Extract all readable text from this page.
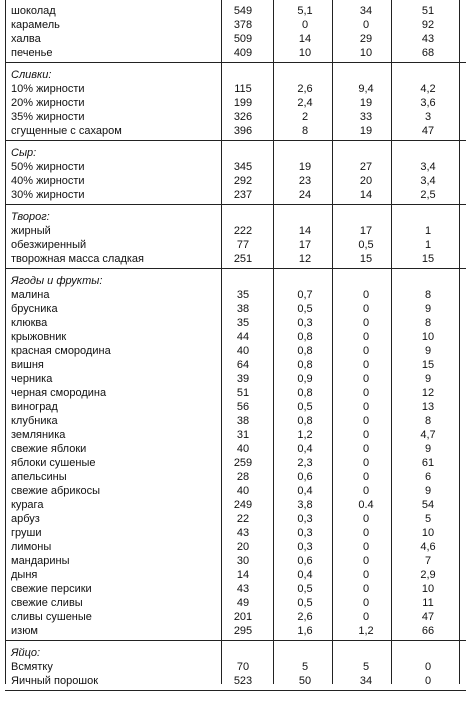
шоколад	549	5,1	34	51
карамель	378	0	0	92
халва	509	14	29	43
печенье	409	10	10	68
Сливки:
10% жирности	115	2,6	9,4	4,2
20% жирности	199	2,4	19	3,6
35% жирности	326	2	33	3
сгущенные с сахаром	396	8	19	47
Сыр:
50% жирности	345	19	27	3,4
40% жирности	292	23	20	3,4
30% жирности	237	24	14	2,5
Творог:
жирный	222	14	17	1
обезжиренный	77	17	0,5	1
творожная масса сладкая	251	12	15	15
Ягоды и фрукты:
малина	35	0,7	0	8
брусника	38	0,5	0	9
клюква	35	0,3	0	8
крыжовник	44	0,8	0	10
красная смородина	40	0,8	0	9
вишня	64	0,8	0	15
черника	39	0,9	0	9
черная смородина	51	0,8	0	12
виноград	56	0,5	0	13
клубника	38	0,8	0	8
земляника	31	1,2	0	4,7
свежие яблоки	40	0,4	0	9
яблоки сушеные	259	2,3	0	61
апельсины	28	0,6	0	6
свежие абрикосы	40	0,4	0	9
курага	249	3,8	0.4	54
арбуз	22	0,3	0	5
груши	43	0,3	0	10
лимоны	20	0,3	0	4,6
мандарины	30	0,6	0	7
дыня	14	0,4	0	2,9
свежие персики	43	0,5	0	10
свежие сливы	49	0,5	0	11
сливы сушеные	201	2,6	0	47
изюм	295	1,6	1,2	66
Яйцо:
Всмятку	70	5	5	0
Яичный порошок	523	50	34	0
